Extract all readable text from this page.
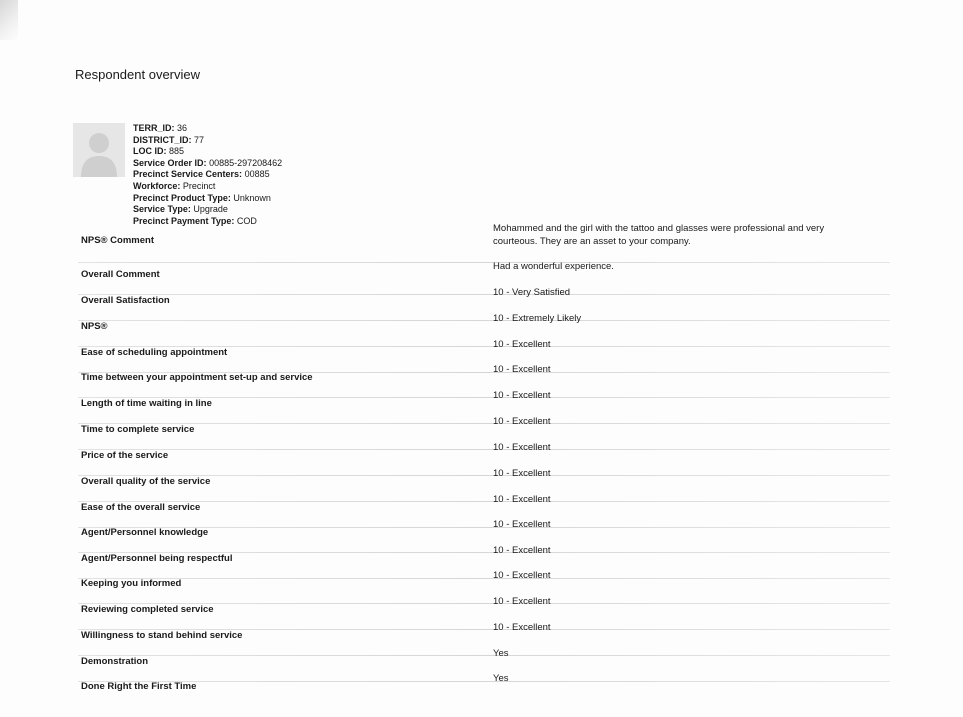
Respondent overview
TERR_ID: 36
DISTRICT_ID: 77
LOC ID: 885
Service Order ID: 00885-297208462
Precinct Service Centers: 00885
Workforce: Precinct
Precinct Product Type: Unknown
Service Type: Upgrade
Precinct Payment Type: COD
NPS® Comment
Mohammed and the girl with the tattoo and glasses were professional and very courteous. They are an asset to your company.
Overall Comment
Had a wonderful experience.
Overall Satisfaction
10 - Very Satisfied
NPS®
10 - Extremely Likely
Ease of scheduling appointment
10 - Excellent
Time between your appointment set-up and service
10 - Excellent
Length of time waiting in line
10 - Excellent
Time to complete service
10 - Excellent
Price of the service
10 - Excellent
Overall quality of the service
10 - Excellent
Ease of the overall service
10 - Excellent
Agent/Personnel knowledge
10 - Excellent
Agent/Personnel being respectful
10 - Excellent
Keeping you informed
10 - Excellent
Reviewing completed service
10 - Excellent
Willingness to stand behind service
10 - Excellent
Demonstration
Yes
Done Right the First Time
Yes
